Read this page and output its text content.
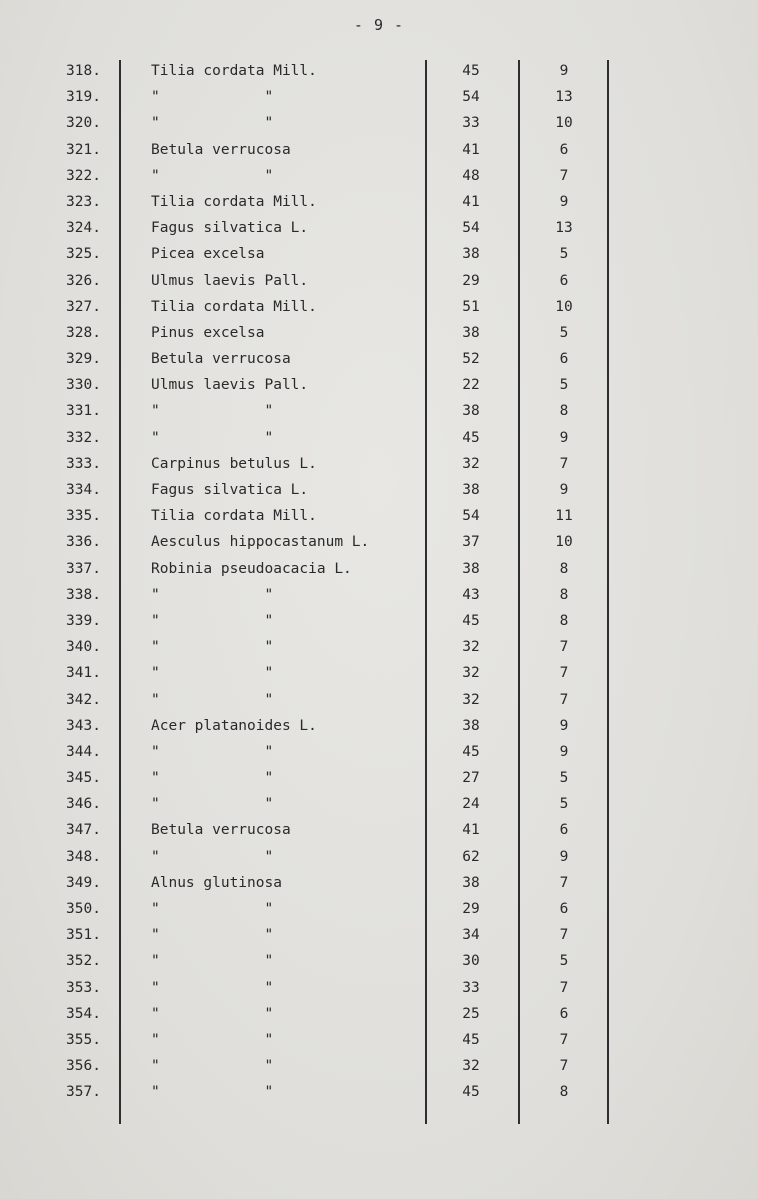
- 9 -
318.	Tilia cordata Mill.	45	9
319.	"            "	54	13
320.	"            "	33	10
321.	Betula verrucosa	41	6
322.	"            "	48	7
323.	Tilia cordata Mill.	41	9
324.	Fagus silvatica L.	54	13
325.	Picea excelsa	38	5
326.	Ulmus laevis Pall.	29	6
327.	Tilia cordata Mill.	51	10
328.	Pinus excelsa	38	5
329.	Betula verrucosa	52	6
330.	Ulmus laevis Pall.	22	5
331.	"            "	38	8
332.	"            "	45	9
333.	Carpinus betulus L.	32	7
334.	Fagus silvatica L.	38	9
335.	Tilia cordata Mill.	54	11
336.	Aesculus hippocastanum L.	37	10
337.	Robinia pseudoacacia L.	38	8
338.	"            "	43	8
339.	"            "	45	8
340.	"            "	32	7
341.	"            "	32	7
342.	"            "	32	7
343.	Acer platanoides L.	38	9
344.	"            "	45	9
345.	"            "	27	5
346.	"            "	24	5
347.	Betula verrucosa	41	6
348.	"            "	62	9
349.	Alnus glutinosa	38	7
350.	"            "	29	6
351.	"            "	34	7
352.	"            "	30	5
353.	"            "	33	7
354.	"            "	25	6
355.	"            "	45	7
356.	"            "	32	7
357.	"            "	45	8
